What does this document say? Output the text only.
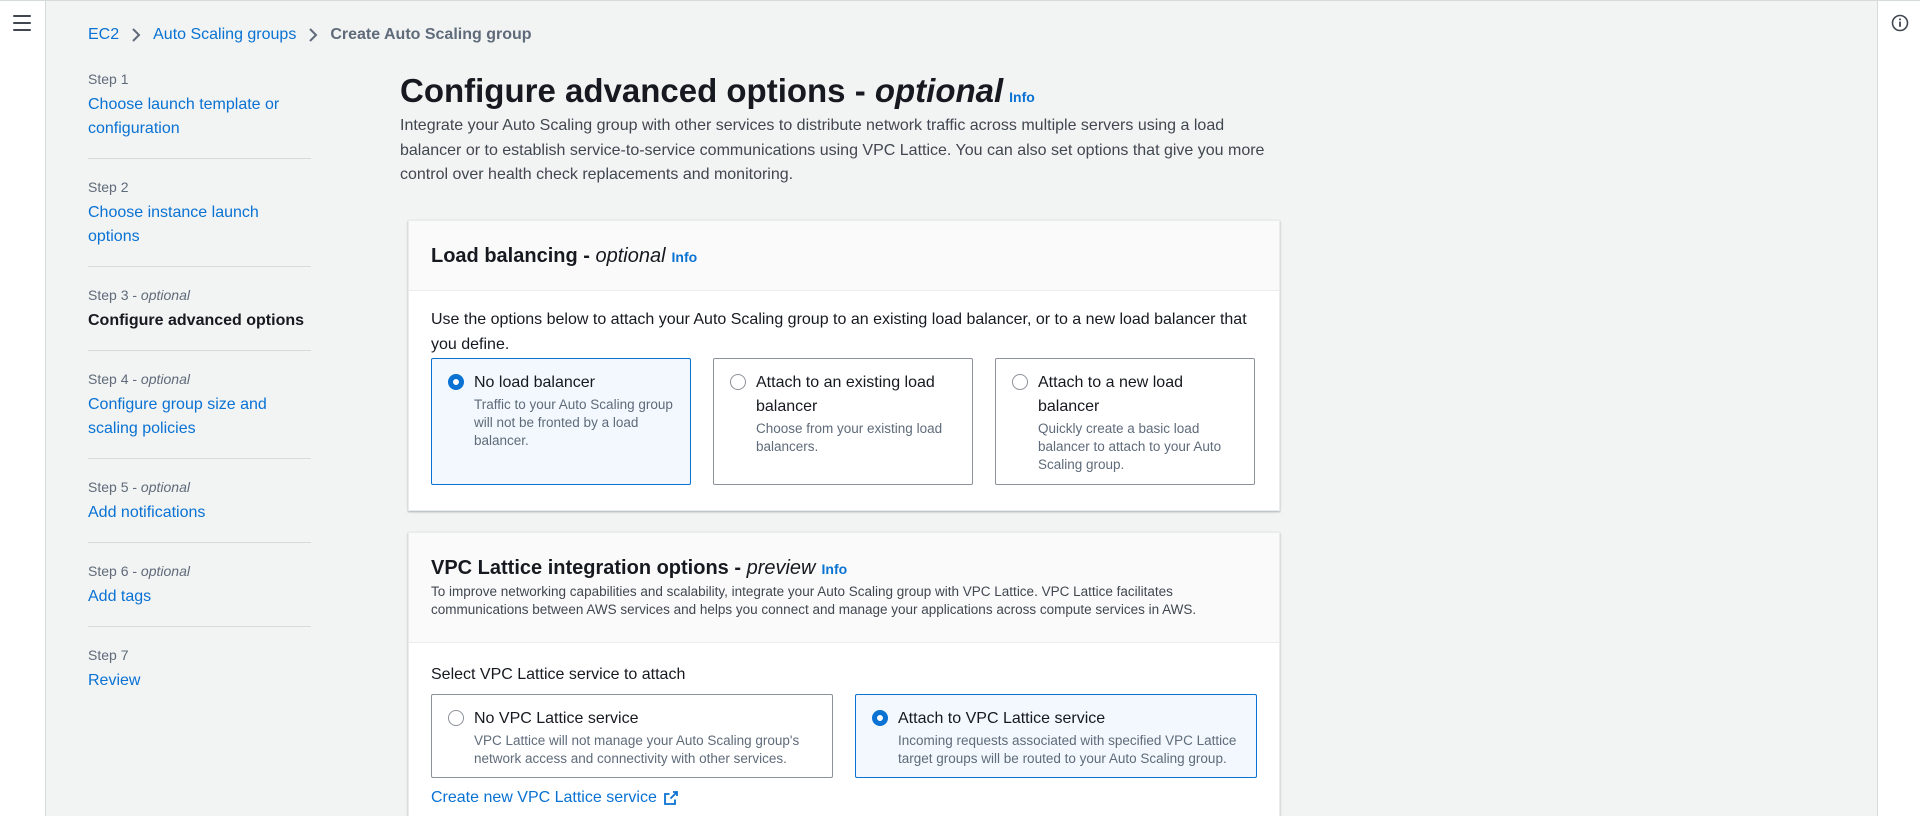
EC2 Auto Scaling groups Create Auto Scaling group
Step 1
Choose launch template or configuration
Step 2
Choose instance launch options
Step 3 - optional
Configure advanced options
Step 4 - optional
Configure group size and scaling policies
Step 5 - optional
Add notifications
Step 6 - optional
Add tags
Step 7
Review
Configure advanced options - optional Info

Integrate your Auto Scaling group with other services to distribute network traffic across multiple servers using a load balancer or to establish service-to-service communications using VPC Lattice. You can also set options that give you more control over health check replacements and monitoring.

Load balancing - optional Info

Use the options below to attach your Auto Scaling group to an existing load balancer, or to a new load balancer that you define.

No load balancer
Traffic to your Auto Scaling group will not be fronted by a load balancer.
Attach to an existing load balancer
Choose from your existing load balancers.
Attach to a new load balancer
Quickly create a basic load balancer to attach to your Auto Scaling group.
VPC Lattice integration options - preview Info

To improve networking capabilities and scalability, integrate your Auto Scaling group with VPC Lattice. VPC Lattice facilitates communications between AWS services and helps you connect and manage your applications across compute services in AWS.

Select VPC Lattice service to attach

No VPC Lattice service
VPC Lattice will not manage your Auto Scaling group's network access and connectivity with other services.
Attach to VPC Lattice service
Incoming requests associated with specified VPC Lattice target groups will be routed to your Auto Scaling group.
Create new VPC Lattice service
